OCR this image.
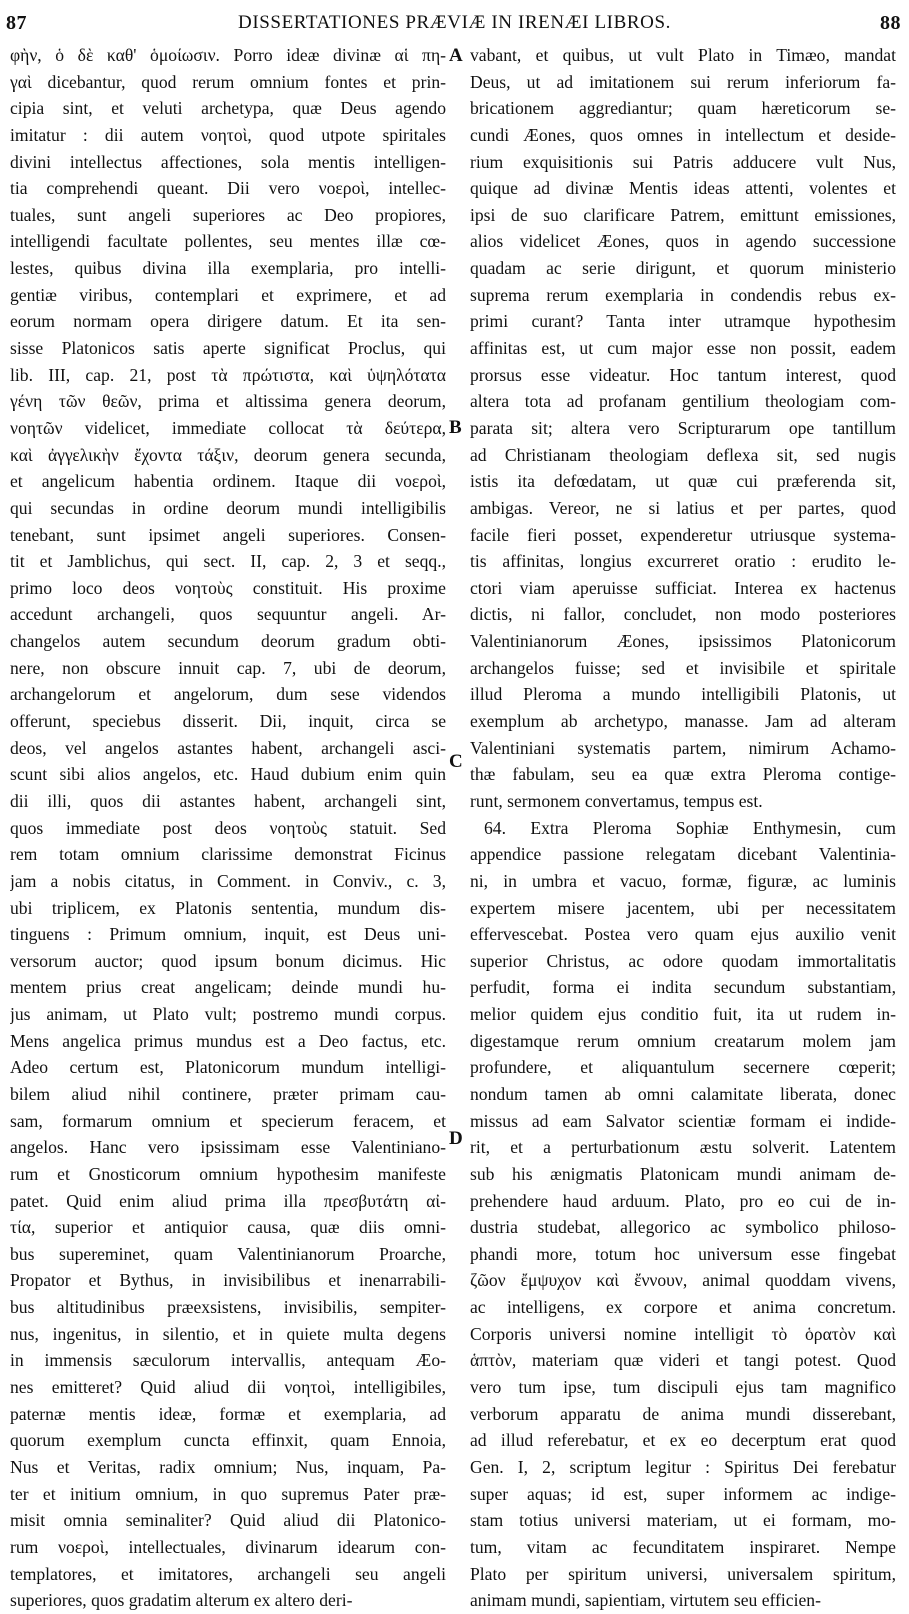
87	DISSERTATIONES PRÆVIÆ IN IRENÆI LIBROS.	88
φὴν, ὁ δὲ καθ' ὁμοίωσιν. Porro ideæ divinæ αἱ πη-
γαὶ dicebantur, quod rerum omnium fontes et prin-
cipia sint, et veluti archetypa, quæ Deus agendo
imitatur : dii autem νοητοὶ, quod utpote spiritales
divini intellectus affectiones, sola mentis intelligen-
tia comprehendi queant. Dii vero νοεροὶ, intellec-
tuales, sunt angeli superiores ac Deo propiores,
intelligendi facultate pollentes, seu mentes illæ cœ-
lestes, quibus divina illa exemplaria, pro intelli-
gentiæ viribus, contemplari et exprimere, et ad
eorum normam opera dirigere datum. Et ita sen-
sisse Platonicos satis aperte significat Proclus, qui
lib. III, cap. 21, post τὰ πρώτιστα, καὶ ὑψηλότατα
γένη τῶν θεῶν, prima et altissima genera deorum,
νοητῶν videlicet, immediate collocat τὰ δεύτερα,
καὶ ἀγγελικὴν ἔχοντα τάξιν, deorum genera secunda,
et angelicum habentia ordinem. Itaque dii νοεροὶ,
qui secundas in ordine deorum mundi intelligibilis
tenebant, sunt ipsimet angeli superiores. Consen-
tit et Jamblichus, qui sect. II, cap. 2, 3 et seqq.,
primo loco deos νοητοὺς constituit. His proxime
accedunt archangeli, quos sequuntur angeli. Ar-
changelos autem secundum deorum gradum obti-
nere, non obscure innuit cap. 7, ubi de deorum,
archangelorum et angelorum, dum sese videndos
offerunt, speciebus disserit. Dii, inquit, circa se
deos, vel angelos astantes habent, archangeli asci-
scunt sibi alios angelos, etc. Haud dubium enim quin
dii illi, quos dii astantes habent, archangeli sint,
quos immediate post deos νοητοὺς statuit. Sed
rem totam omnium clarissime demonstrat Ficinus
jam a nobis citatus, in Comment. in Conviv., c. 3,
ubi triplicem, ex Platonis sententia, mundum dis-
tinguens : Primum omnium, inquit, est Deus uni-
versorum auctor; quod ipsum bonum dicimus. Hic
mentem prius creat angelicam; deinde mundi hu-
jus animam, ut Plato vult; postremo mundi corpus.
Mens angelica primus mundus est a Deo factus, etc.
Adeo certum est, Platonicorum mundum intelligi-
bilem aliud nihil continere, præter primam cau-
sam, formarum omnium et specierum feracem, et
angelos. Hanc vero ipsissimam esse Valentiniano-
rum et Gnosticorum omnium hypothesim manifeste
patet. Quid enim aliud prima illa πρεσβυτάτη αἰ-
τία, superior et antiquior causa, quæ diis omni-
bus supereminet, quam Valentinianorum Proarche,
Propator et Bythus, in invisibilibus et inenarrabili-
bus altitudinibus præexsistens, invisibilis, sempiter-
nus, ingenitus, in silentio, et in quiete multa degens
in immensis sæculorum intervallis, antequam Æo-
nes emitteret? Quid aliud dii νοητοὶ, intelligibiles,
paternæ mentis ideæ, formæ et exemplaria, ad
quorum exemplum cuncta effinxit, quam Ennoia,
Nus et Veritas, radix omnium; Nus, inquam, Pa-
ter et initium omnium, in quo supremus Pater præ-
misit omnia seminaliter? Quid aliud dii Platonico-
rum νοεροὶ, intellectuales, divinarum idearum con-
templatores, et imitatores, archangeli seu angeli
superiores, quos gradatim alterum ex altero deri-
vabant, et quibus, ut vult Plato in Timæo, mandat
Deus, ut ad imitationem sui rerum inferiorum fa-
bricationem aggrediantur; quam hæreticorum se-
cundi Æones, quos omnes in intellectum et deside-
rium exquisitionis sui Patris adducere vult Nus,
quique ad divinæ Mentis ideas attenti, volentes et
ipsi de suo clarificare Patrem, emittunt emissiones,
alios videlicet Æones, quos in agendo successione
quadam ac serie dirigunt, et quorum ministerio
suprema rerum exemplaria in condendis rebus ex-
primi curant? Tanta inter utramque hypothesim
affinitas est, ut cum major esse non possit, eadem
prorsus esse videatur. Hoc tantum interest, quod
altera tota ad profanam gentilium theologiam com-
parata sit; altera vero Scripturarum ope tantillum
ad Christianam theologiam deflexa sit, sed nugis
istis ita defœdatam, ut quæ cui præferenda sit,
ambigas. Vereor, ne si latius et per partes, quod
facile fieri posset, expenderetur utriusque systema-
tis affinitas, longius excurreret oratio : erudito le-
ctori viam aperuisse sufficiat. Interea ex hactenus
dictis, ni fallor, concludet, non modo posteriores
Valentinianorum Æones, ipsissimos Platonicorum
archangelos fuisse; sed et invisibile et spiritale
illud Pleroma a mundo intelligibili Platonis, ut
exemplum ab archetypo, manasse. Jam ad alteram
Valentiniani systematis partem, nimirum Achamo-
thæ fabulam, seu ea quæ extra Pleroma contige-
runt, sermonem convertamus, tempus est.
64. Extra Pleroma Sophiæ Enthymesin, cum
appendice passione relegatam dicebant Valentinia-
ni, in umbra et vacuo, formæ, figuræ, ac luminis
expertem misere jacentem, ubi per necessitatem
effervescebat. Postea vero quam ejus auxilio venit
superior Christus, ac odore quodam immortalitatis
perfudit, forma ei indita secundum substantiam,
melior quidem ejus conditio fuit, ita ut rudem in-
digestamque rerum omnium creatarum molem jam
profundere, et aliquantulum secernere cœperit;
nondum tamen ab omni calamitate liberata, donec
missus ad eam Salvator scientiæ formam ei indide-
rit, et a perturbationum æstu solverit. Latentem
sub his ænigmatis Platonicam mundi animam de-
prehendere haud arduum. Plato, pro eo cui de in-
dustria studebat, allegorico ac symbolico philoso-
phandi more, totum hoc universum esse fingebat
ζῶον ἔμψυχον καὶ ἔννουν, animal quoddam vivens,
ac intelligens, ex corpore et anima concretum.
Corporis universi nomine intelligit τὸ ὁρατὸν καὶ
ἁπτὸν, materiam quæ videri et tangi potest. Quod
vero tum ipse, tum discipuli ejus tam magnifico
verborum apparatu de anima mundi disserebant,
ad illud referebatur, et ex eo decerptum erat quod
Gen. I, 2, scriptum legitur : Spiritus Dei ferebatur
super aquas; id est, super informem ac indige-
stam totius universi materiam, ut ei formam, mo-
tum, vitam ac fecunditatem inspiraret. Nempe
Plato per spiritum universi, universalem spiritum,
animam mundi, sapientiam, virtutem seu efficien-
A
B
C
D
